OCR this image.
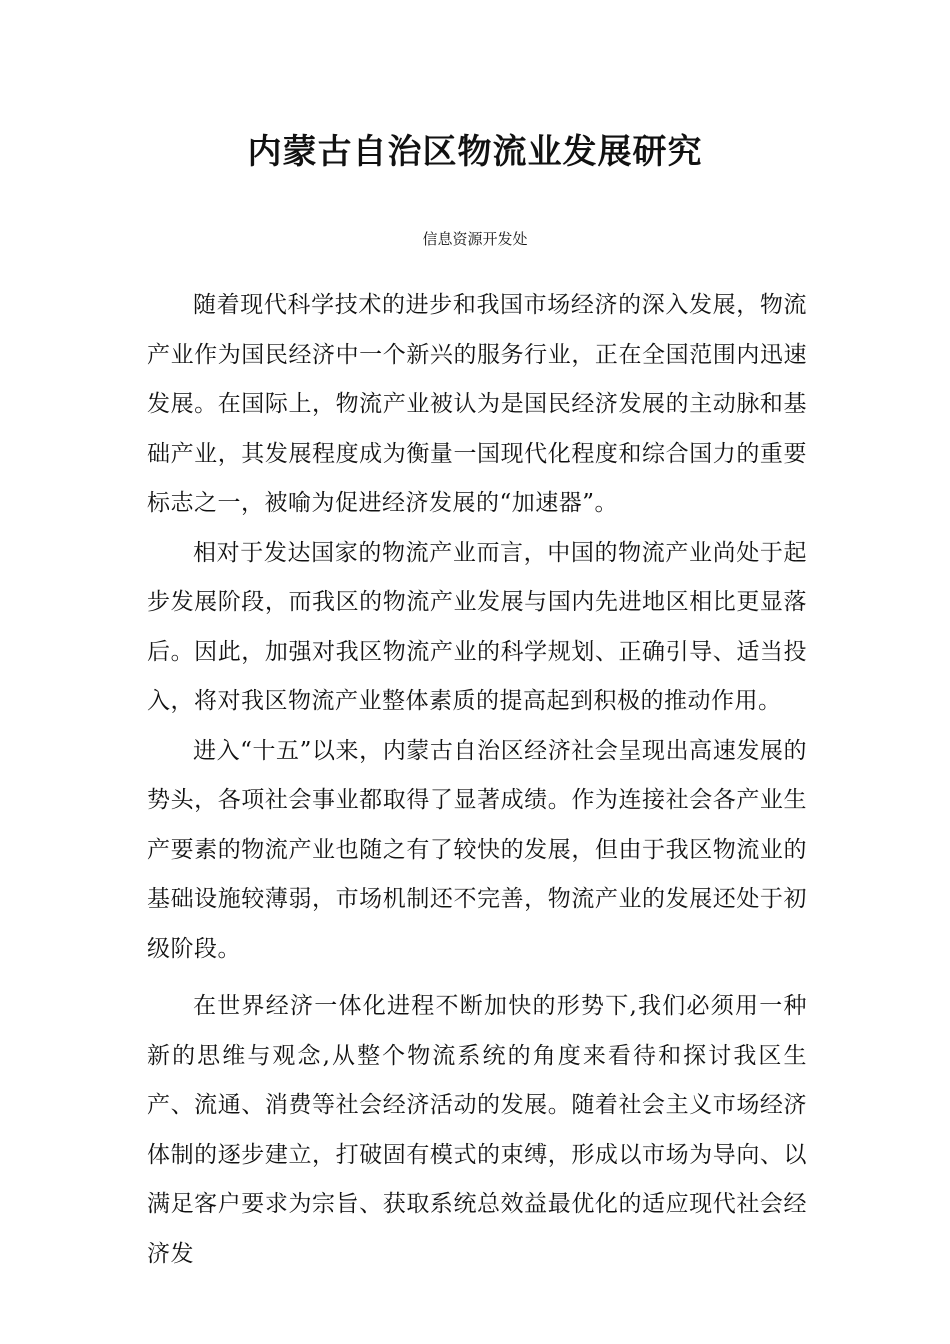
内蒙古自治区物流业发展研究

信息资源开发处

随着现代科学技术的进步和我国市场经济的深入发展，物流产业作为国民经济中一个新兴的服务行业，正在全国范围内迅速发展。在国际上，物流产业被认为是国民经济发展的主动脉和基础产业，其发展程度成为衡量一国现代化程度和综合国力的重要标志之一，被喻为促进经济发展的“加速器”。

相对于发达国家的物流产业而言，中国的物流产业尚处于起步发展阶段，而我区的物流产业发展与国内先进地区相比更显落后。因此，加强对我区物流产业的科学规划、正确引导、适当投入，将对我区物流产业整体素质的提高起到积极的推动作用。

进入“十五”以来，内蒙古自治区经济社会呈现出高速发展的势头，各项社会事业都取得了显著成绩。作为连接社会各产业生产要素的物流产业也随之有了较快的发展，但由于我区物流业的基础设施较薄弱，市场机制还不完善，物流产业的发展还处于初级阶段。

在世界经济一体化进程不断加快的形势下,我们必须用一种新的思维与观念,从整个物流系统的角度来看待和探讨我区生产、流通、消费等社会经济活动的发展。随着社会主义市场经济体制的逐步建立，打破固有模式的束缚，形成以市场为导向、以满足客户要求为宗旨、获取系统总效益最优化的适应现代社会经济发
